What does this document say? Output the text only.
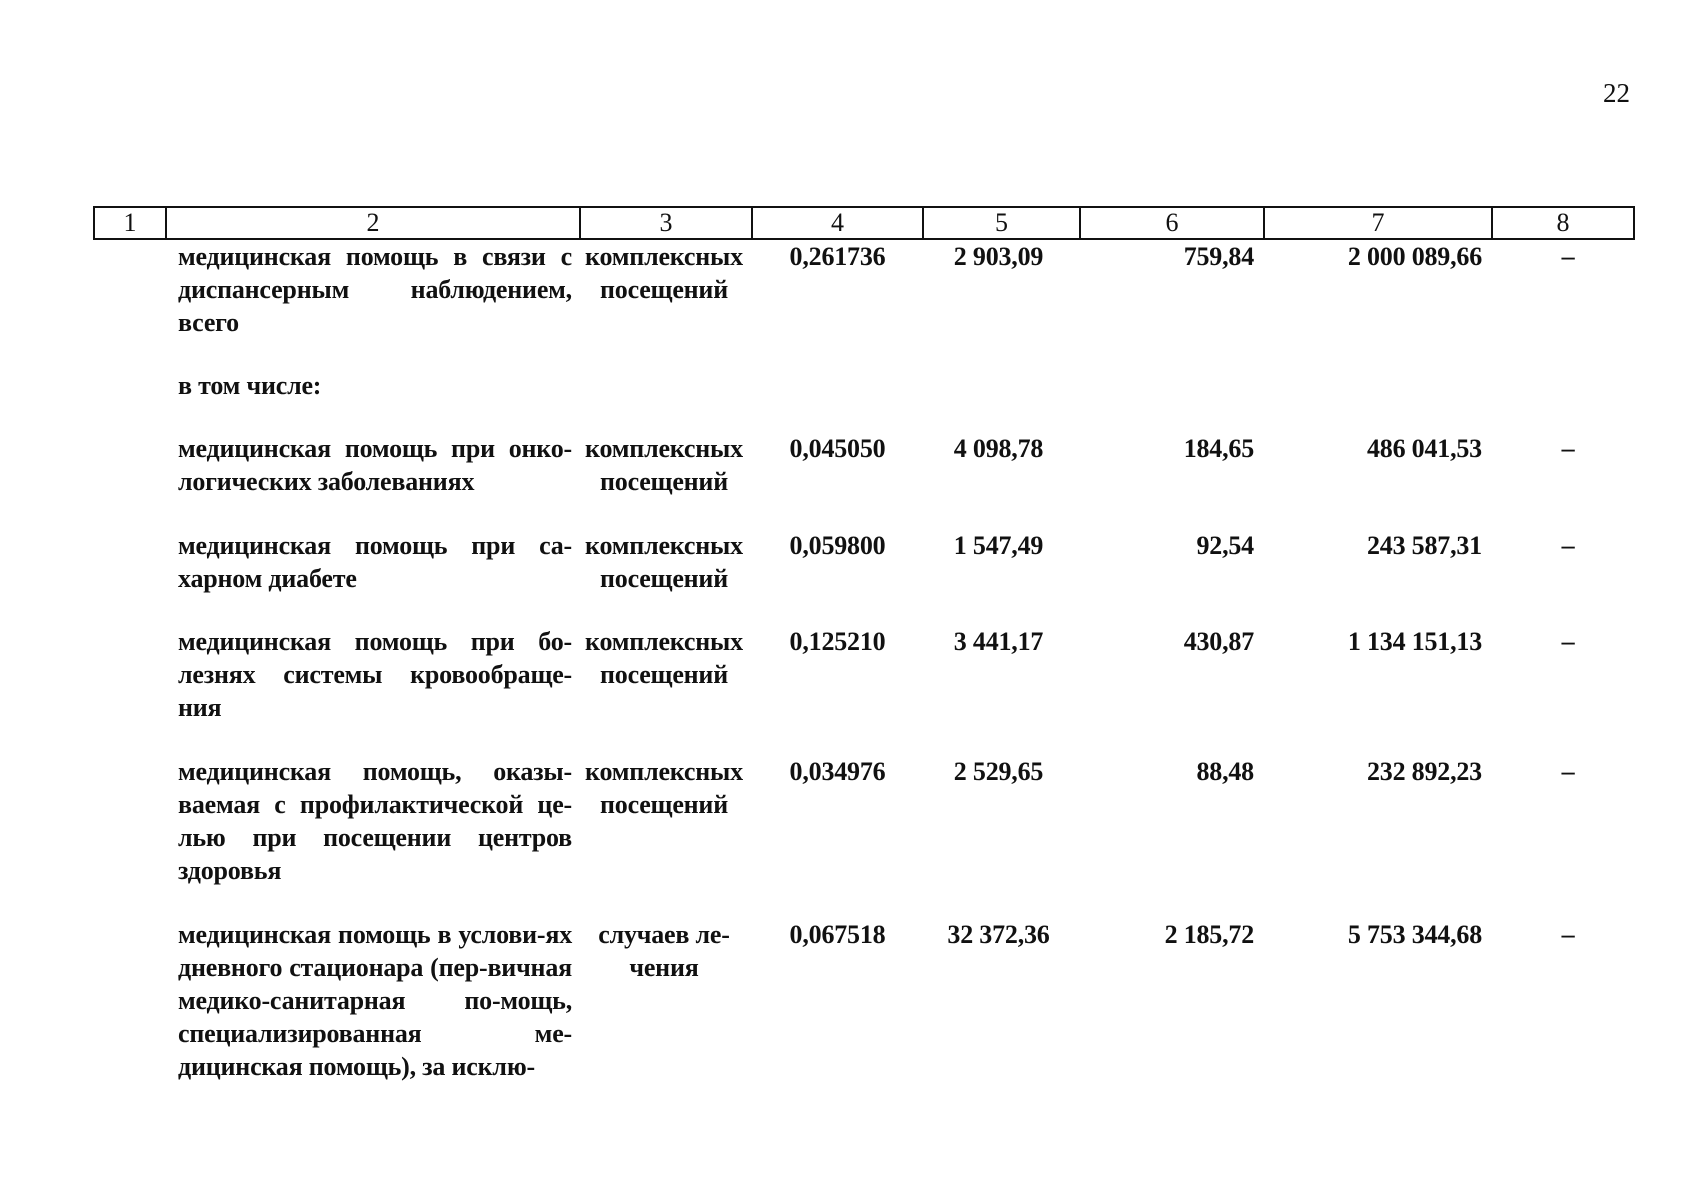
22
1	2	3	4	5	6	7	8
	медицинская помощь в связи с диспансерным наблюдением, всего	комплексных посещений	0,261736	2 903,09	759,84	2 000 089,66	–
	в том числе:						
	медицинская помощь при онко-логических заболеваниях	комплексных посещений	0,045050	4 098,78	184,65	486 041,53	–
	медицинская помощь при са-харном диабете	комплексных посещений	0,059800	1 547,49	92,54	243 587,31	–
	медицинская помощь при бо-лезнях системы кровообраще-ния	комплексных посещений	0,125210	3 441,17	430,87	1 134 151,13	–
	медицинская помощь, оказы-ваемая с профилактической це-лью при посещении центров здоровья	комплексных посещений	0,034976	2 529,65	88,48	232 892,23	–
	медицинская помощь в услови-ях дневного стационара (пер-вичная медико-санитарная по-мощь, специализированная ме-дицинская помощь), за исклю-	случаев ле-чения	0,067518	32 372,36	2 185,72	5 753 344,68	–
